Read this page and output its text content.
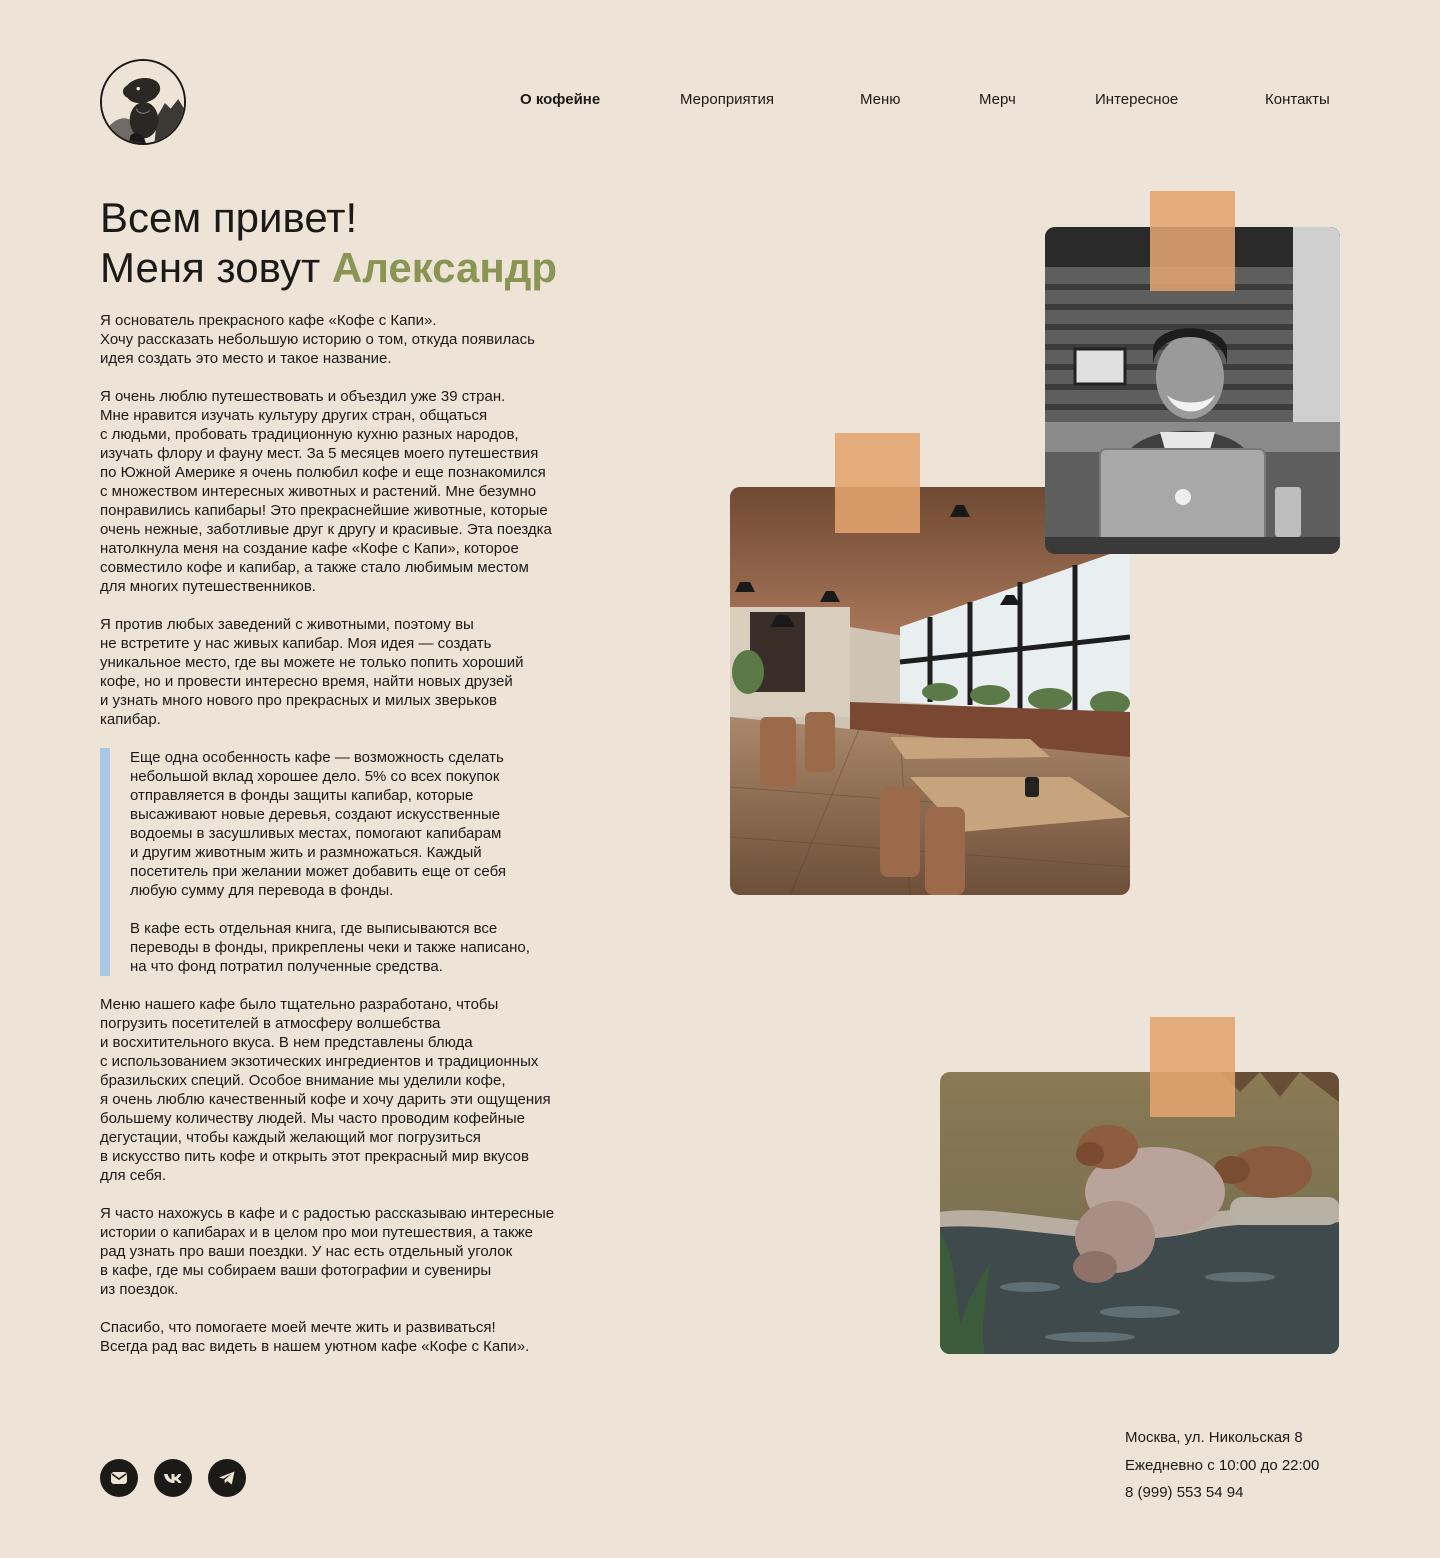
О кофейне	Мероприятия	Меню	Мерч	Интересное	Контакты
Всем привет!
Меня зовут Александр

Я основатель прекрасного кафе «Кофе с Капи».
Хочу рассказать небольшую историю о том, откуда появилась
идея создать это место и такое название.

Я очень люблю путешествовать и объездил уже 39 стран.
Мне нравится изучать культуру других стран, общаться
с людьми, пробовать традиционную кухню разных народов,
изучать флору и фауну мест. За 5 месяцев моего путешествия
по Южной Америке я очень полюбил кофе и еще познакомился
с множеством интересных животных и растений. Мне безумно
понравились капибары! Это прекраснейшие животные, которые
очень нежные, заботливые друг к другу и красивые. Эта поездка
натолкнула меня на создание кафе «Кофе с Капи», которое
совместило кофе и капибар, а также стало любимым местом
для многих путешественников.

Я против любых заведений с животными, поэтому вы
не встретите у нас живых капибар. Моя идея — создать
уникальное место, где вы можете не только попить хороший
кофе, но и провести интересно время, найти новых друзей
и узнать много нового про прекрасных и милых зверьков
капибар.

Еще одна особенность кафе — возможность сделать
небольшой вклад хорошее дело. 5% со всех покупок
отправляется в фонды защиты капибар, которые
высаживают новые деревья, создают искусственные
водоемы в засушливых местах, помогают капибарам
и другим животным жить и размножаться. Каждый
посетитель при желании может добавить еще от себя
любую сумму для перевода в фонды.

В кафе есть отдельная книга, где выписываются все
переводы в фонды, прикреплены чеки и также написано,
на что фонд потратил полученные средства.

Меню нашего кафе было тщательно разработано, чтобы
погрузить посетителей в атмосферу волшебства
и восхитительного вкуса. В нем представлены блюда
с использованием экзотических ингредиентов и традиционных
бразильских специй. Особое внимание мы уделили кофе,
я очень люблю качественный кофе и хочу дарить эти ощущения
большему количеству людей. Мы часто проводим кофейные
дегустации, чтобы каждый желающий мог погрузиться
в искусство пить кофе и открыть этот прекрасный мир вкусов
для себя.

Я часто нахожусь в кафе и с радостью рассказываю интересные
истории о капибарах и в целом про мои путешествия, а также
рад узнать про ваши поездки. У нас есть отдельный уголок
в кафе, где мы собираем ваши фотографии и сувениры
из поездок.

Спасибо, что помогаете моей мечте жить и развиваться!
Всегда рад вас видеть в нашем уютном кафе «Кофе с Капи».

Москва, ул. Никольская 8
Ежедневно с 10:00 до 22:00
8 (999) 553 54 94
